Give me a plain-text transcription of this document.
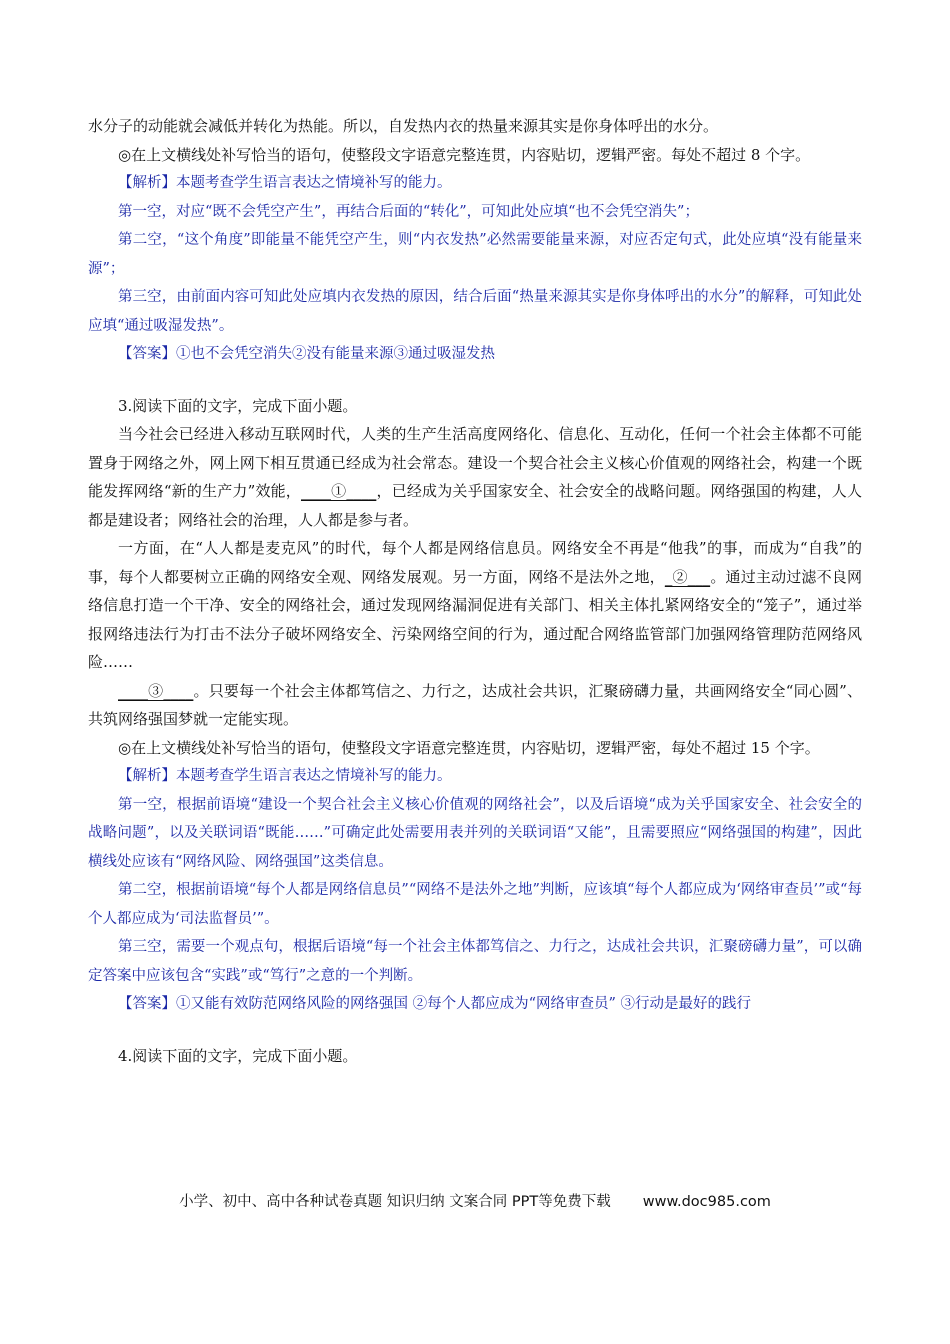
水分子的动能就会减低并转化为热能。所以，自发热内衣的热量来源其实是你身体呼出的水分。

◎在上文横线处补写恰当的语句，使整段文字语意完整连贯，内容贴切，逻辑严密。每处不超过 8 个字。

【解析】本题考查学生语言表达之情境补写的能力。

第一空，对应“既不会凭空产生”，再结合后面的“转化”，可知此处应填“也不会凭空消失”；

第二空，“这个角度”即能量不能凭空产生，则“内衣发热”必然需要能量来源，对应否定句式，此处应填“没有能量来源”；

第三空，由前面内容可知此处应填内衣发热的原因，结合后面“热量来源其实是你身体呼出的水分”的解释，可知此处应填“通过吸湿发热”。

【答案】①也不会凭空消失②没有能量来源③通过吸湿发热

3.阅读下面的文字，完成下面小题。

当今社会已经进入移动互联网时代，人类的生产生活高度网络化、信息化、互动化，任何一个社会主体都不可能置身于网络之外，网上网下相互贯通已经成为社会常态。建设一个契合社会主义核心价值观的网络社会，构建一个既能发挥网络“新的生产力”效能，____①____，已经成为关乎国家安全、社会安全的战略问题。网络强国的构建，人人都是建设者；网络社会的治理，人人都是参与者。

一方面，在“人人都是麦克风”的时代，每个人都是网络信息员。网络安全不再是“他我”的事，而成为“自我”的事，每个人都要树立正确的网络安全观、网络发展观。另一方面，网络不是法外之地，_②___。通过主动过滤不良网络信息打造一个干净、安全的网络社会，通过发现网络漏洞促进有关部门、相关主体扎紧网络安全的“笼子”，通过举报网络违法行为打击不法分子破坏网络安全、污染网络空间的行为，通过配合网络监管部门加强网络管理防范网络风险……

____③____。只要每一个社会主体都笃信之、力行之，达成社会共识，汇聚磅礴力量，共画网络安全“同心圆”、共筑网络强国梦就一定能实现。

◎在上文横线处补写恰当的语句，使整段文字语意完整连贯，内容贴切，逻辑严密，每处不超过 15 个字。

【解析】本题考查学生语言表达之情境补写的能力。

第一空，根据前语境“建设一个契合社会主义核心价值观的网络社会”，以及后语境“成为关乎国家安全、社会安全的战略问题”，以及关联词语“既能……”可确定此处需要用表并列的关联词语“又能”，且需要照应“网络强国的构建”，因此横线处应该有“网络风险、网络强国”这类信息。

第二空，根据前语境“每个人都是网络信息员”“网络不是法外之地”判断，应该填“每个人都应成为‘网络审查员’”或“每个人都应成为‘司法监督员’”。

第三空，需要一个观点句，根据后语境“每一个社会主体都笃信之、力行之，达成社会共识，汇聚磅礴力量”，可以确定答案中应该包含“实践”或“笃行”之意的一个判断。

【答案】①又能有效防范网络风险的网络强国 ②每个人都应成为“网络审查员” ③行动是最好的践行

4.阅读下面的文字，完成下面小题。

小学、初中、高中各种试卷真题 知识归纳 文案合同 PPT等免费下载 www.doc985.com
